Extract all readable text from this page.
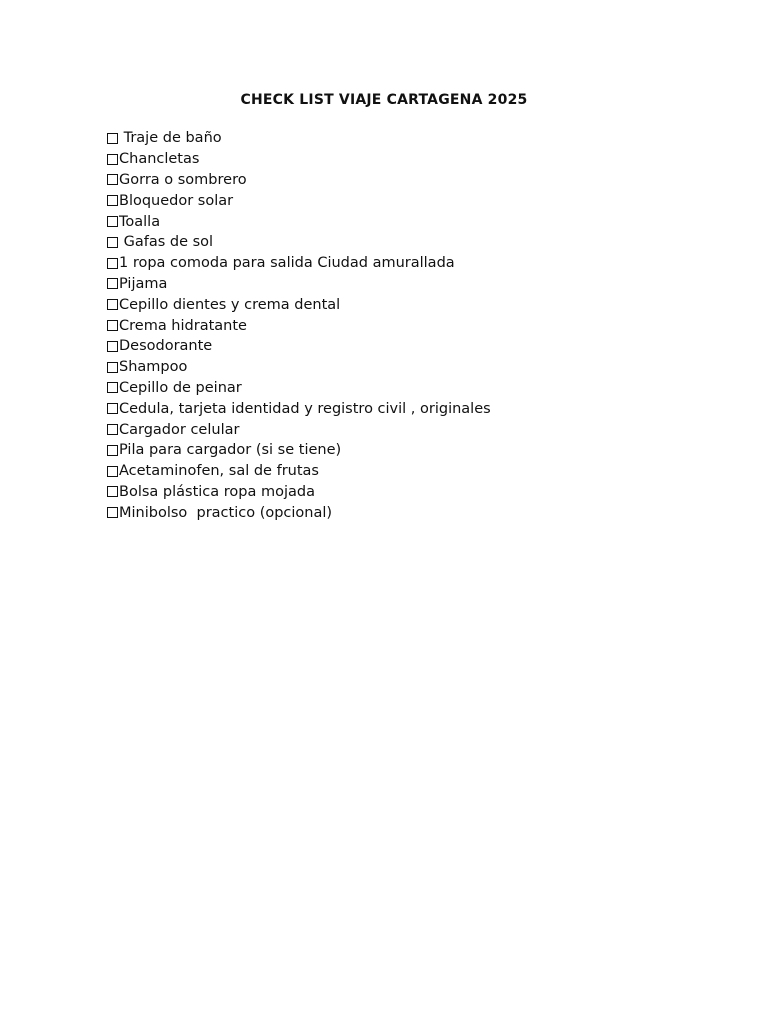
CHECK LIST VIAJE CARTAGENA 2025
Traje de baño
Chancletas
Gorra o sombrero
Bloquedor solar
Toalla
Gafas de sol
1 ropa comoda para salida Ciudad amurallada
Pijama
Cepillo dientes y crema dental
Crema hidratante
Desodorante
Shampoo
Cepillo de peinar
Cedula, tarjeta identidad y registro civil , originales
Cargador celular
Pila para cargador (si se tiene)
Acetaminofen, sal de frutas
Bolsa plástica ropa mojada
Minibolso  practico (opcional)
